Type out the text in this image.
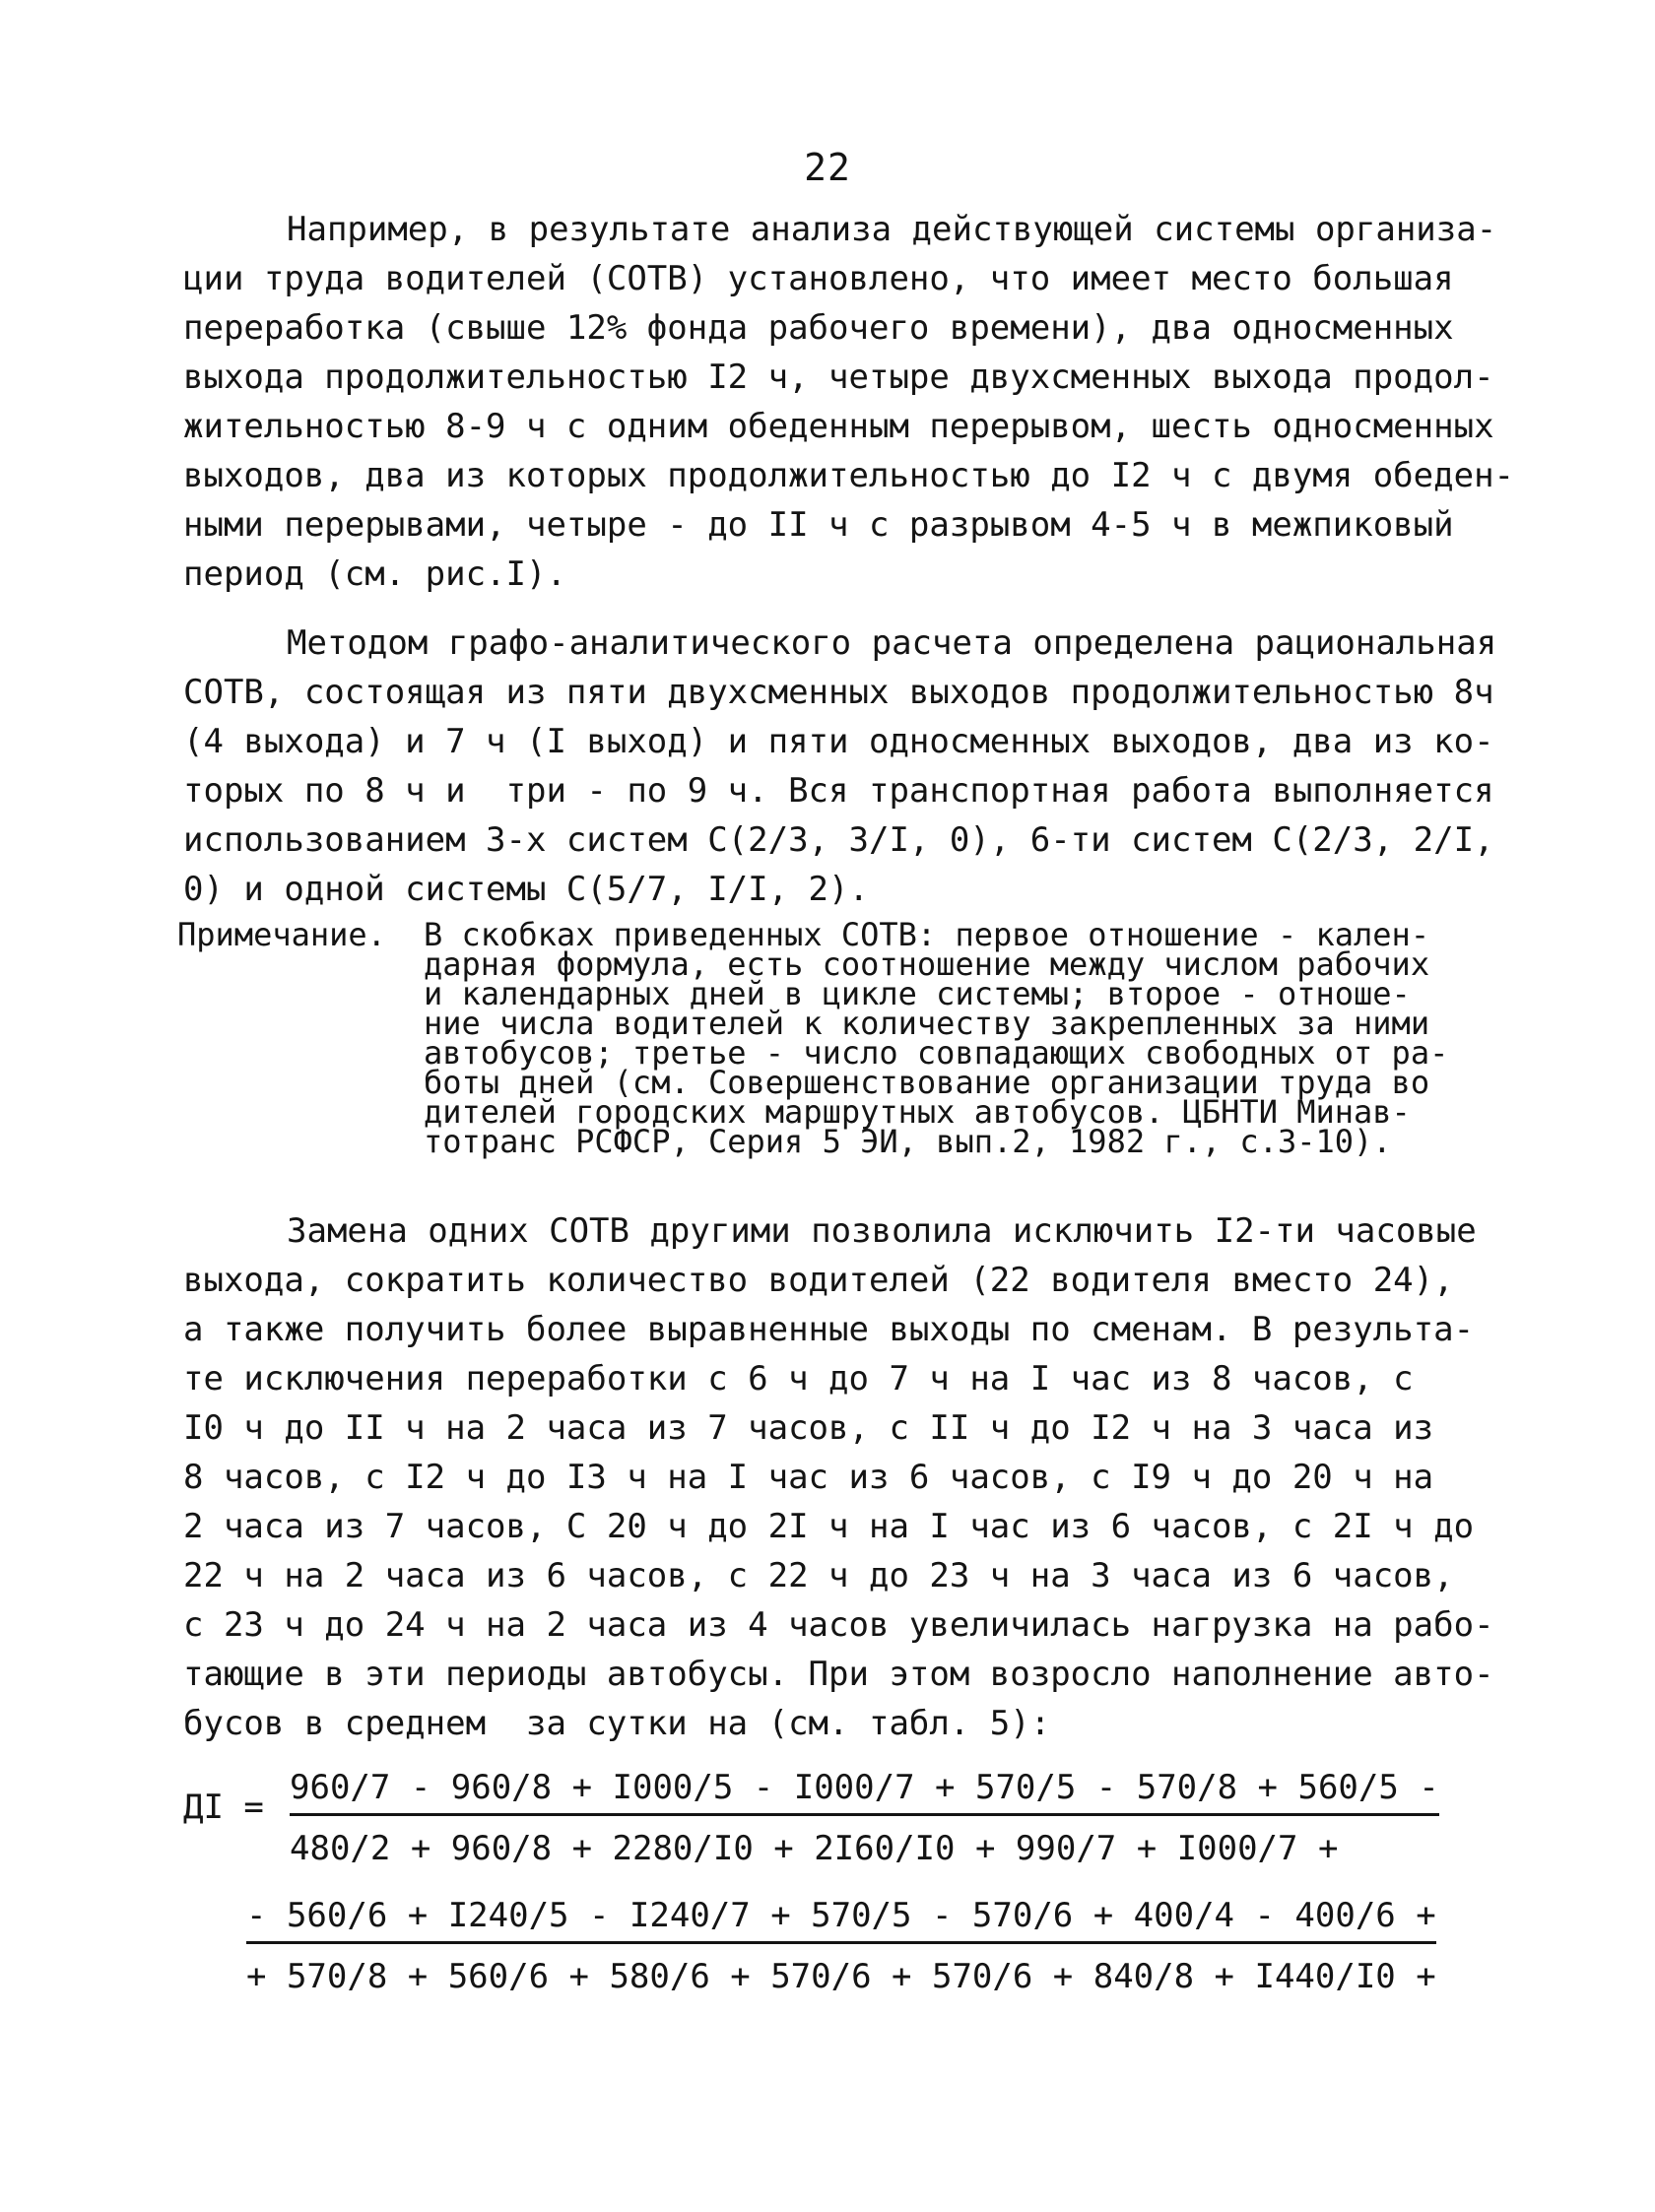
22
Например, в результате анализа действующей системы организа-
ции труда водителей (СОТВ) установлено, что имеет место большая
переработка (свыше 12% фонда рабочего времени), два односменных
выхода продолжительностью I2 ч, четыре двухсменных выхода продол-
жительностью 8-9 ч с одним обеденным перерывом, шесть односменных
выходов, два из которых продолжительностью до I2 ч с двумя обеден-
ными перерывами, четыре - до II ч с разрывом 4-5 ч в межпиковый
период (см. рис.I).
Методом графо-аналитического расчета определена рациональная
СОТВ, состоящая из пяти двухсменных выходов продолжительностью 8ч
(4 выхода) и 7 ч (I выход) и пяти односменных выходов, два из ко-
торых по 8 ч и  три - по 9 ч. Вся транспортная работа выполняется
использованием 3-х систем С(2/3, 3/I, 0), 6-ти систем С(2/3, 2/I,
0) и одной системы С(5/7, I/I, 2).
Примечание. В скобках приведенных СОТВ: первое отношение - кален-
дарная формула, есть соотношение между числом рабочих
и календарных дней в цикле системы; второе - отноше-
ние числа водителей к количеству закрепленных за ними
автобусов; третье - число совпадающих свободных от ра-
боты дней (см. Совершенствование организации труда во
дителей городских маршрутных автобусов. ЦБНТИ Минав-
тотранс РСФСР, Серия 5 ЭИ, вып.2, 1982 г., с.3-10).
Замена одних СОТВ другими позволила исключить I2-ти часовые
выхода, сократить количество водителей (22 водителя вместо 24),
а также получить более выравненные выходы по сменам. В результа-
те исключения переработки с 6 ч до 7 ч на I час из 8 часов, с
I0 ч до II ч на 2 часа из 7 часов, с II ч до I2 ч на 3 часа из
8 часов, с I2 ч до I3 ч на I час из 6 часов, с I9 ч до 20 ч на
2 часа из 7 часов, С 20 ч до 2I ч на I час из 6 часов, с 2I ч до
22 ч на 2 часа из 6 часов, с 22 ч до 23 ч на 3 часа из 6 часов,
с 23 ч до 24 ч на 2 часа из 4 часов увеличилась нагрузка на рабо-
тающие в эти периоды автобусы. При этом возросло наполнение авто-
бусов в среднем  за сутки на (см. табл. 5):
ДI = 960/7 - 960/8 + I000/5 - I000/7 + 570/5 - 570/8 + 560/5 -
480/2 + 960/8 + 2280/I0 + 2I60/I0 + 990/7 + I000/7 +
- 560/6 + I240/5 - I240/7 + 570/5 - 570/6 + 400/4 - 400/6 +
+ 570/8 + 560/6 + 580/6 + 570/6 + 570/6 + 840/8 + I440/I0 +
